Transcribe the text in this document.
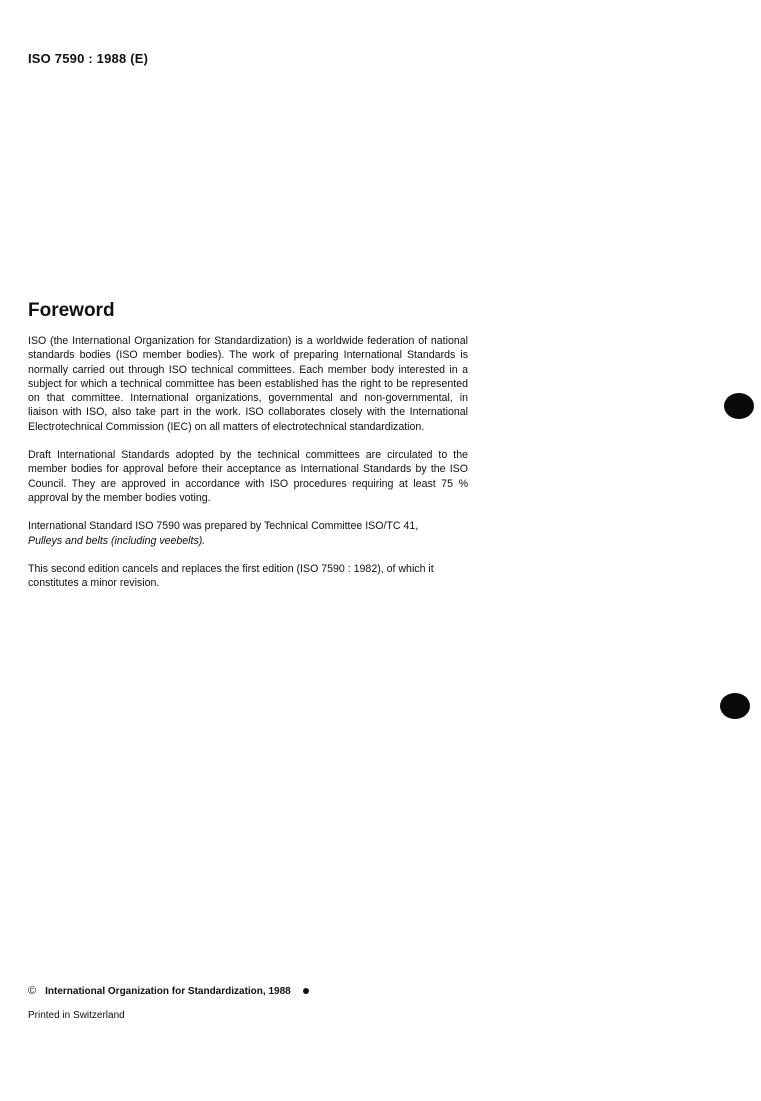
ISO 7590 : 1988 (E)
Foreword

ISO (the International Organization for Standardization) is a worldwide federation of national standards bodies (ISO member bodies). The work of preparing International Standards is normally carried out through ISO technical committees. Each member body interested in a subject for which a technical committee has been established has the right to be represented on that committee. International organizations, governmental and non-governmental, in liaison with ISO, also take part in the work. ISO collaborates closely with the International Electrotechnical Commission (IEC) on all matters of electrotechnical standardization.

Draft International Standards adopted by the technical committees are circulated to the member bodies for approval before their acceptance as International Standards by the ISO Council. They are approved in accordance with ISO procedures requiring at least 75 % approval by the member bodies voting.

International Standard ISO 7590 was prepared by Technical Committee ISO/TC 41,
Pulleys and belts (including veebelts).

This second edition cancels and replaces the first edition (ISO 7590 : 1982), of which it constitutes a minor revision.

© International Organization for Standardization, 1988
Printed in Switzerland
